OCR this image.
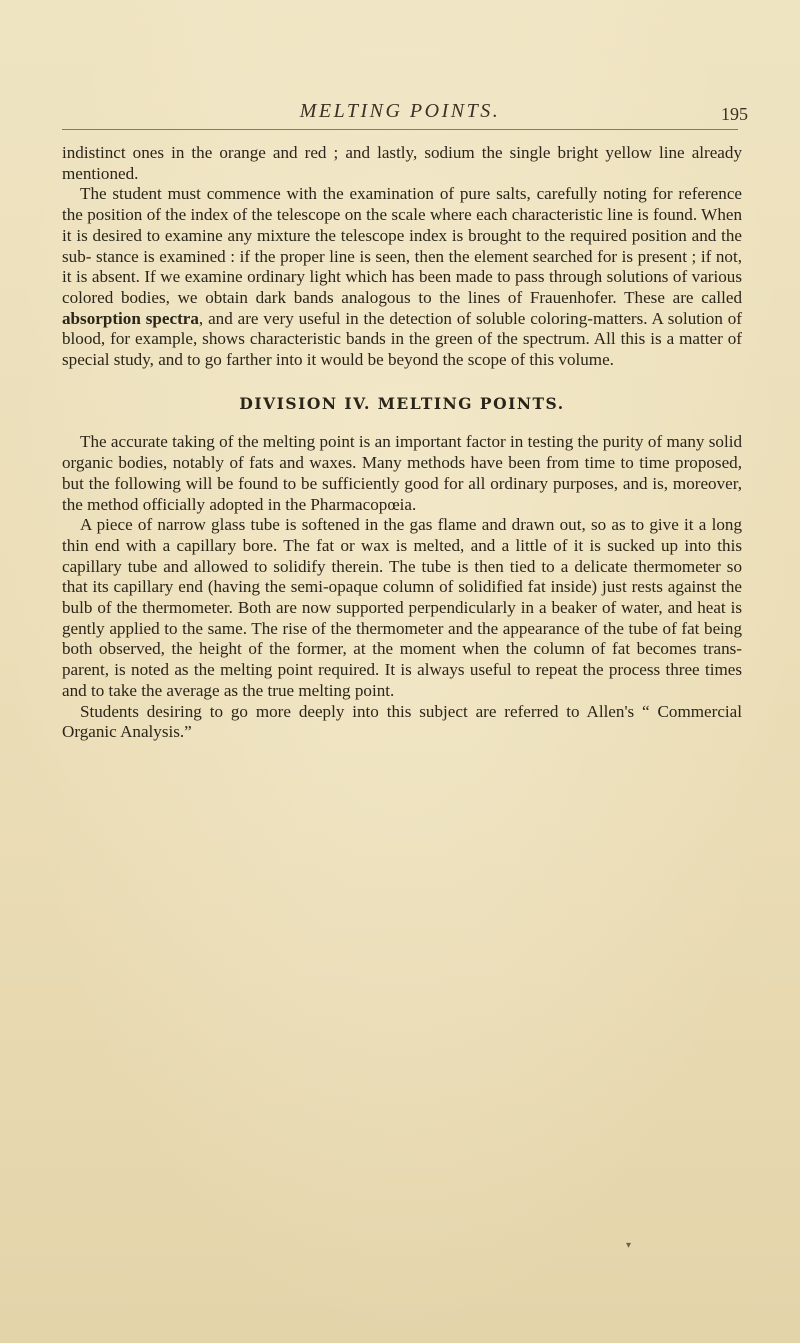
MELTING POINTS.	195

indistinct ones in the orange and red ; and lastly, sodium the single bright yellow line already mentioned.

The student must commence with the examination of pure salts, carefully noting for reference the position of the index of the telescope on the scale where each characteristic line is found. When it is desired to examine any mixture the telescope index is brought to the required position and the sub- stance is examined : if the proper line is seen, then the element searched for is present ; if not, it is absent. If we examine ordinary light which has been made to pass through solutions of various colored bodies, we obtain dark bands analogous to the lines of Frauenhofer. These are called absorption spectra, and are very useful in the detection of soluble coloring-matters. A solution of blood, for example, shows characteristic bands in the green of the spectrum. All this is a matter of special study, and to go farther into it would be beyond the scope of this volume.

DIVISION IV. MELTING POINTS.

The accurate taking of the melting point is an important factor in testing the purity of many solid organic bodies, notably of fats and waxes. Many methods have been from time to time proposed, but the following will be found to be sufficiently good for all ordinary purposes, and is, moreover, the method officially adopted in the Pharmacopœia.

A piece of narrow glass tube is softened in the gas flame and drawn out, so as to give it a long thin end with a capillary bore. The fat or wax is melted, and a little of it is sucked up into this capillary tube and allowed to solidify therein. The tube is then tied to a delicate thermometer so that its capillary end (having the semi-opaque column of solidified fat inside) just rests against the bulb of the thermometer. Both are now supported perpendicularly in a beaker of water, and heat is gently applied to the same. The rise of the thermometer and the appearance of the tube of fat being both observed, the height of the former, at the moment when the column of fat becomes trans- parent, is noted as the melting point required. It is always useful to repeat the process three times and to take the average as the true melting point.

Students desiring to go more deeply into this subject are referred to Allen's “ Commercial Organic Analysis.”

▾
